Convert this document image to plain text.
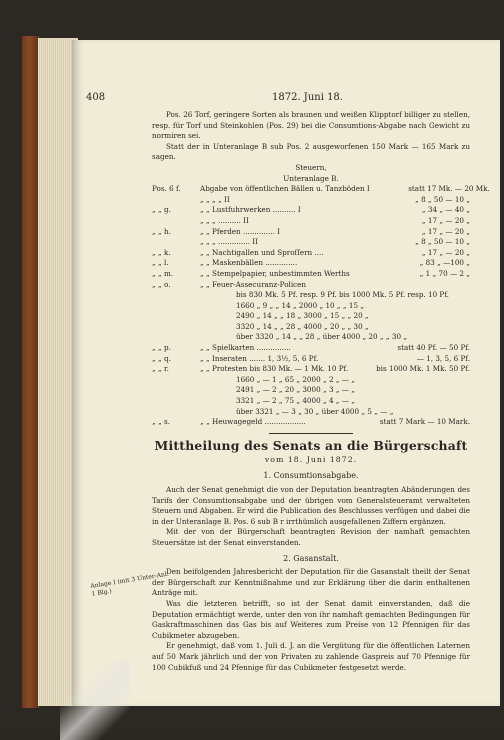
408	1872. Juni 18.

Pos. 26 Torf, geringere Sorten als braunen und weißen Klipptorf billiger zu stellen, resp. für Torf und Steinkohlen (Pos. 29) bei die Consumtions-Abgabe nach Gewicht zu normiren sei.

Statt der in Unteranlage B sub Pos. 2 ausgeworfenen 150 Mark — 165 Mark zu sagen.

Steuern,

Unteranlage B.

Pos. 6 f.	Abgabe von öffentlichen Bällen u. Tanzböden I	statt 17 Mk. — 20 Mk.
„ „ „ „ II	„ 8 „ 50 — 10 „
„ „ g.	„ „ Lustfuhrwerken .......... I	„ 34 „ — 40 „
„ „ „ .......... II	„ 17 „ — 20 „
„ „ h.	„ „ Pferden .............. I	„ 17 „ — 20 „
„ „ „ .............. II	„ 8 „ 50 — 10 „
„ „ k.	„ „ Nachtigallen und Sproſſern ....	„ 17 „ — 20 „
„ „ l.	„ „ Maskenbällen ..............	„ 83 „ —100 „
„ „ m.	„ „ Stempelpapier, unbestimmten Werths	„ 1 „ 70 — 2 „
„ „ o.	„ „ Feuer-Assecuranz-Policen
bis 830 Mk. 5 Pf. resp. 9 Pf. bis 1000 Mk. 5 Pf. resp. 10 Pf.
1660 „ 9 „ „ 14 „ 2000 „ 10 „ „ 15 „
2490 „ 14 „ „ 18 „ 3000 „ 15 „ „ 20 „
3320 „ 14 „ „ 28 „ 4000 „ 20 „ „ 30 „
über 3320 „ 14 „ „ 28 „ über 4000 „ 20 „ „ 30 „
„ „ p.	„ „ Spielkarten ...............	statt 40 Pf. — 50 Pf.
„ „ q.	„ „ Inseraten ....... 1, 3½, 5, 6 Pf.	— 1, 3, 5, 6 Pf.
„ „ r.	„ „ Protesten bis 830 Mk. — 1 Mk. 10 Pf.	bis 1000 Mk. 1 Mk. 50 Pf.
1660 „ — 1 „ 65 „ 2000 „ 2 „ — „
2491 „ — 2 „ 20 „ 3000 „ 3 „ — „
3321 „ — 2 „ 75 „ 4000 „ 4 „ — „
über 3321 „ — 3 „ 30 „ über 4000 „ 5 „ — „
„ „ s.	„ „ Heuwagegeld ..................	statt 7 Mark — 10 Mark.

Mittheilung des Senats an die Bürgerschaft

vom 18. Juni 1872.

1. Consumtionsabgabe.

Auch der Senat genehmigt die von der Deputation beantragten Abänderungen des Tarifs der Consumtionsabgabe und der übrigen vom Generalsteueramt verwalteten Steuern und Abgaben. Er wird die Publication des Beschlusses verfügen und dabei die in der Unteranlage B. Pos. 6 sub B r irrthümlich ausgefallenen Ziffern ergänzen.

Mit der von der Bürgerschaft beantragten Revision der namhaft gemachten Steuersätze ist der Senat einverstanden.

2. Gasanstalt.

Den beifolgenden Jahresbericht der Deputation für die Gasanstalt theilt der Senat der Bürgerschaft zur Kenntnißnahme und zur Erklärung über die darin enthaltenen Anträge mit.

Was die letzteren betrifft, so ist der Senat damit einverstanden, daß die Deputation ermächtigt werde, unter den von ihr namhaft gemachten Bedingungen für Gaskraftmaschinen das Gas bis auf Weiteres zum Preise von 12 Pfennigen für das Cubikmeter abzugeben.

Er genehmigt, daß vom 1. Juli d. J. an die Vergütung für die öffentlichen Laternen auf 50 Mark jährlich und der von Privaten zu zahlende Gaspreis auf 70 Pfennige für 100 Cubikfuß und 24 Pfennige für das Cubikmeter festgesetzt werde.

Anlage I (mit 3 Unter-Anl.
1 Blg.)
